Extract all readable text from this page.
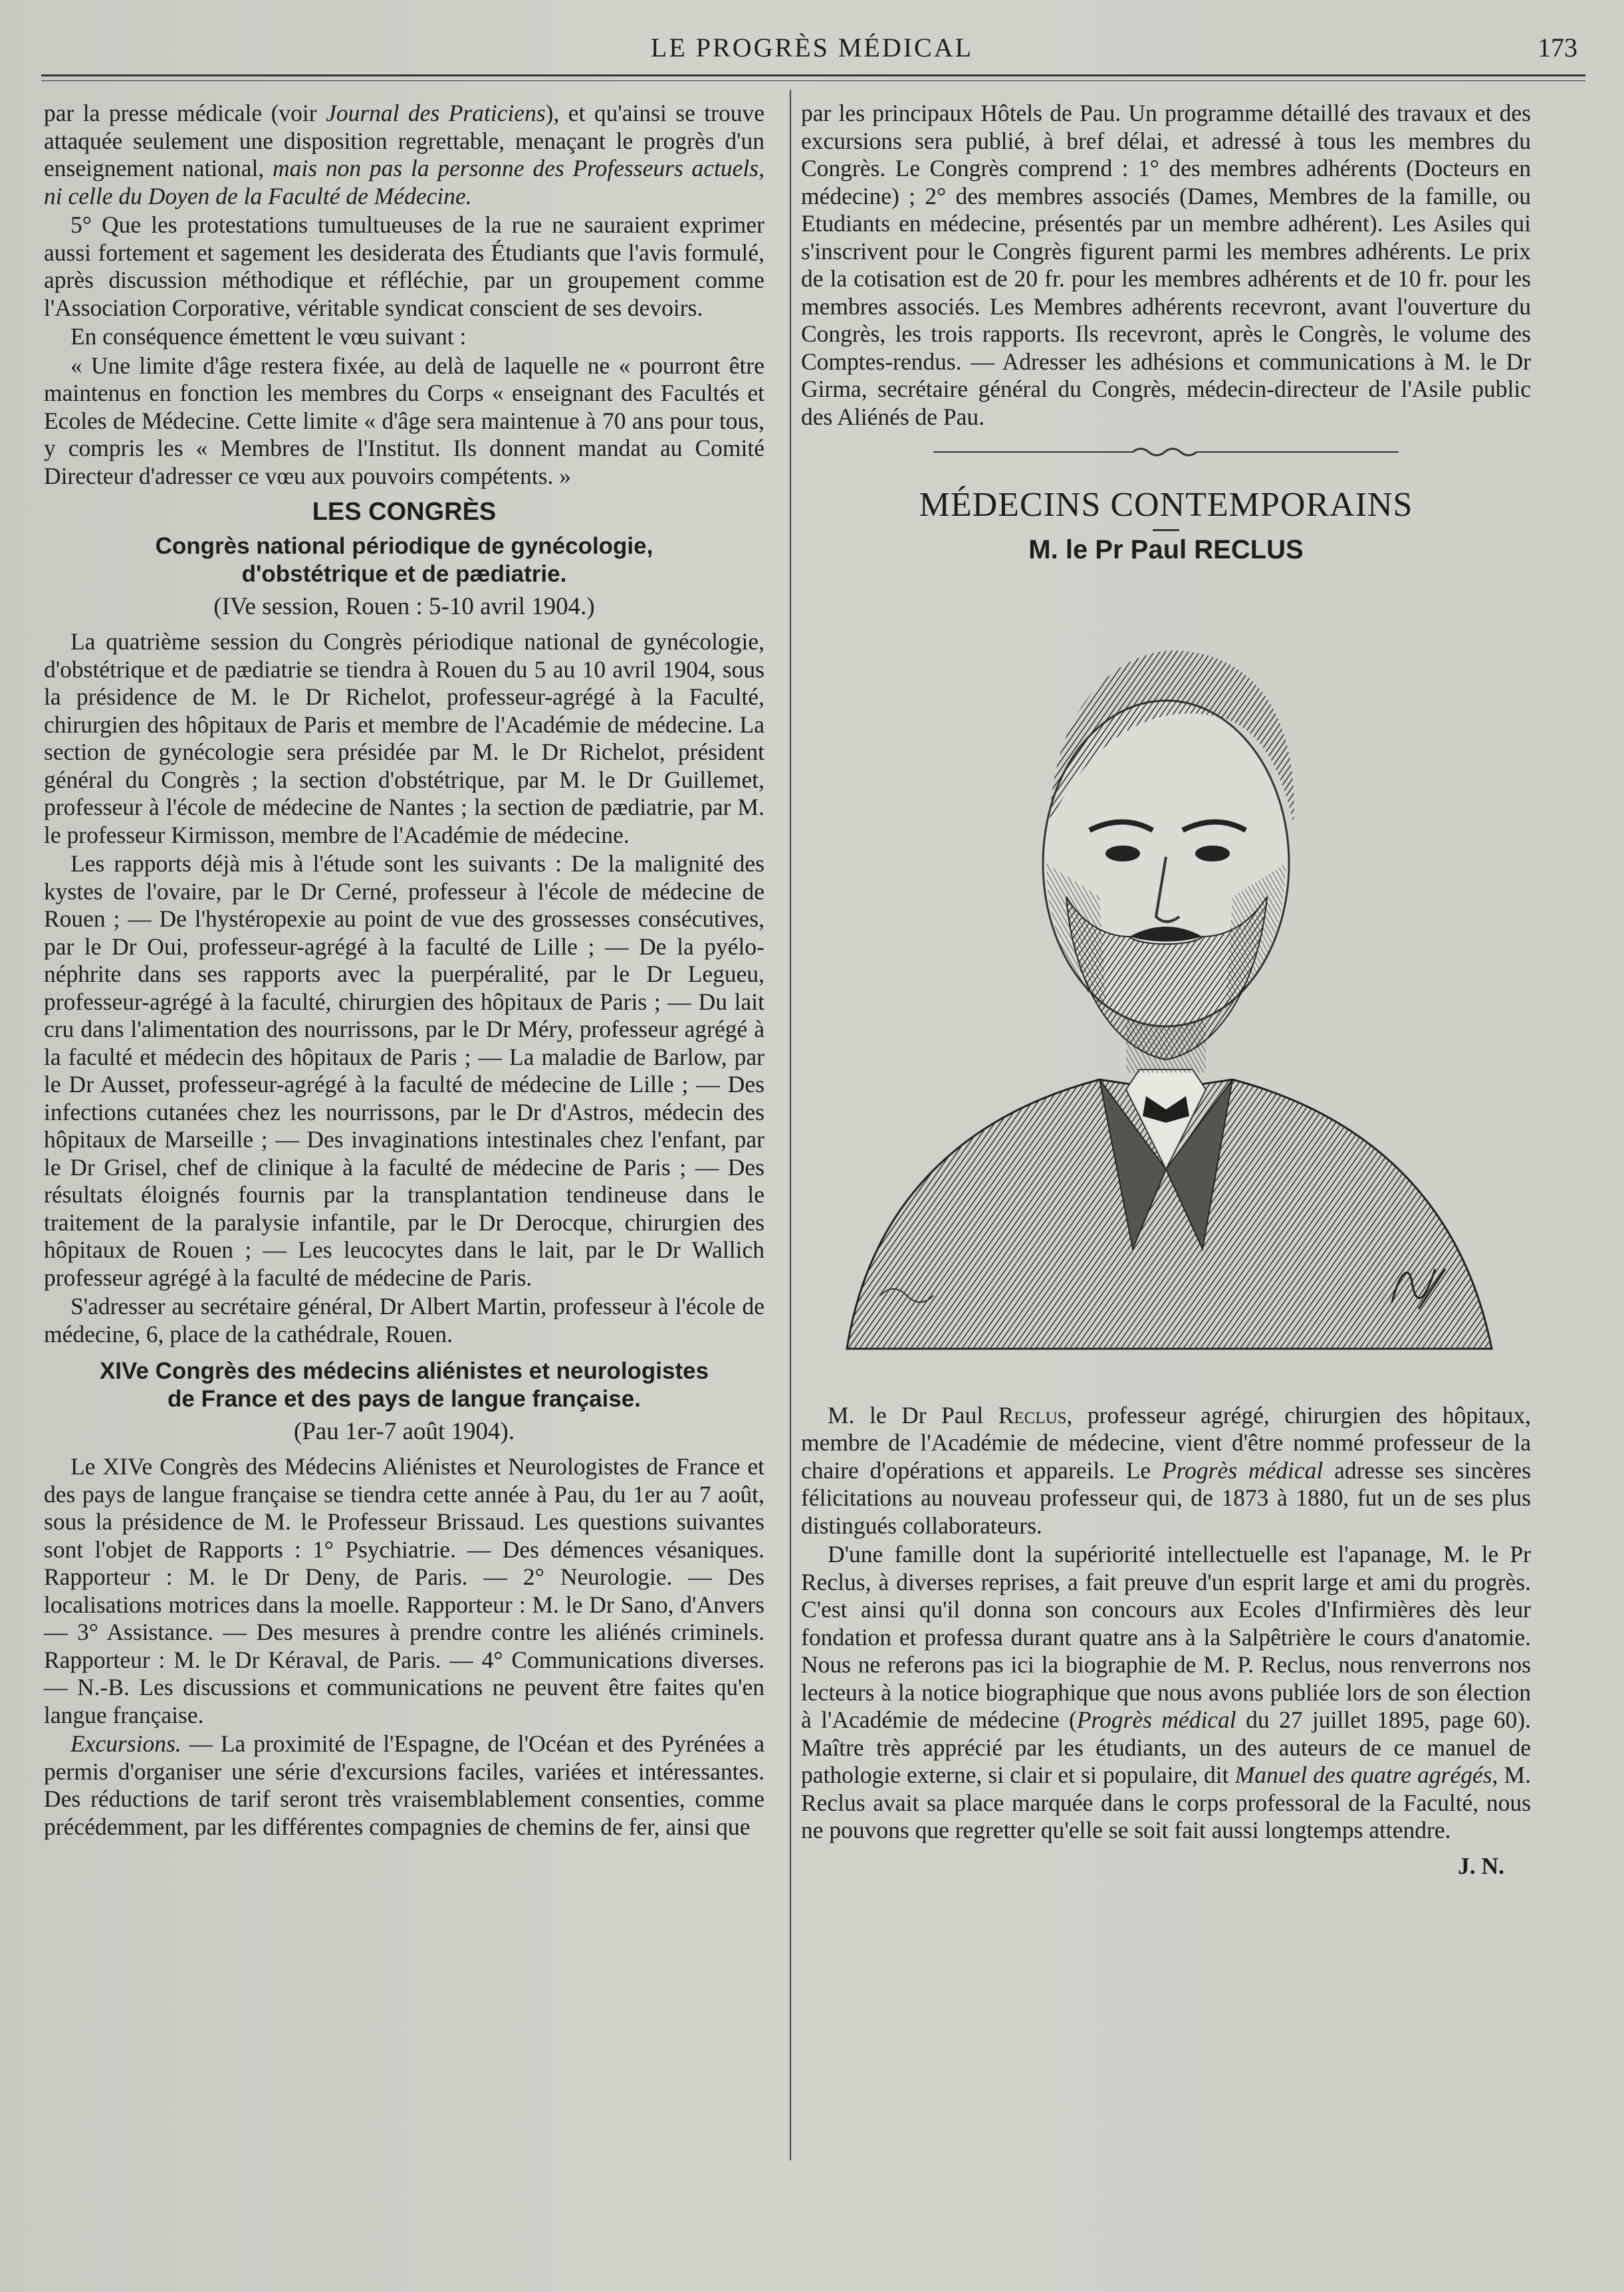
LE PROGRÈS MÉDICAL	173

par la presse médicale (voir Journal des Praticiens), et qu'ainsi se trouve attaquée seulement une disposition regrettable, menaçant le progrès d'un enseignement national, mais non pas la personne des Professeurs actuels, ni celle du Doyen de la Faculté de Médecine.

5° Que les protestations tumultueuses de la rue ne sauraient exprimer aussi fortement et sagement les desiderata des Étudiants que l'avis formulé, après discussion méthodique et réfléchie, par un groupement comme l'Association Corporative, véritable syndicat conscient de ses devoirs.

En conséquence émettent le vœu suivant :

« Une limite d'âge restera fixée, au delà de laquelle ne « pourront être maintenus en fonction les membres du Corps « enseignant des Facultés et Ecoles de Médecine. Cette limite « d'âge sera maintenue à 70 ans pour tous, y compris les « Membres de l'Institut. Ils donnent mandat au Comité Directeur d'adresser ce vœu aux pouvoirs compétents. »

LES CONGRÈS
Congrès national périodique de gynécologie,
d'obstétrique et de pædiatrie.
(IVe session, Rouen : 5-10 avril 1904.)

La quatrième session du Congrès périodique national de gynécologie, d'obstétrique et de pædiatrie se tiendra à Rouen du 5 au 10 avril 1904, sous la présidence de M. le Dr Richelot, professeur-agrégé à la Faculté, chirurgien des hôpitaux de Paris et membre de l'Académie de médecine. La section de gynécologie sera présidée par M. le Dr Richelot, président général du Congrès ; la section d'obstétrique, par M. le Dr Guillemet, professeur à l'école de médecine de Nantes ; la section de pædiatrie, par M. le professeur Kirmisson, membre de l'Académie de médecine.

Les rapports déjà mis à l'étude sont les suivants : De la malignité des kystes de l'ovaire, par le Dr Cerné, professeur à l'école de médecine de Rouen ; — De l'hystéropexie au point de vue des grossesses consécutives, par le Dr Oui, professeur-agrégé à la faculté de Lille ; — De la pyélo-néphrite dans ses rapports avec la puerpéralité, par le Dr Legueu, professeur-agrégé à la faculté, chirurgien des hôpitaux de Paris ; — Du lait cru dans l'alimentation des nourrissons, par le Dr Méry, professeur agrégé à la faculté et médecin des hôpitaux de Paris ; — La maladie de Barlow, par le Dr Ausset, professeur-agrégé à la faculté de médecine de Lille ; — Des infections cutanées chez les nourrissons, par le Dr d'Astros, médecin des hôpitaux de Marseille ; — Des invaginations intestinales chez l'enfant, par le Dr Grisel, chef de clinique à la faculté de médecine de Paris ; — Des résultats éloignés fournis par la transplantation tendineuse dans le traitement de la paralysie infantile, par le Dr Derocque, chirurgien des hôpitaux de Rouen ; — Les leucocytes dans le lait, par le Dr Wallich professeur agrégé à la faculté de médecine de Paris.

S'adresser au secrétaire général, Dr Albert Martin, professeur à l'école de médecine, 6, place de la cathédrale, Rouen.

XIVe Congrès des médecins aliénistes et neurologistes
de France et des pays de langue française.
(Pau 1er-7 août 1904).

Le XIVe Congrès des Médecins Aliénistes et Neurologistes de France et des pays de langue française se tiendra cette année à Pau, du 1er au 7 août, sous la présidence de M. le Professeur Brissaud. Les questions suivantes sont l'objet de Rapports : 1° Psychiatrie. — Des démences vésaniques. Rapporteur : M. le Dr Deny, de Paris. — 2° Neurologie. — Des localisations motrices dans la moelle. Rapporteur : M. le Dr Sano, d'Anvers — 3° Assistance. — Des mesures à prendre contre les aliénés criminels. Rapporteur : M. le Dr Kéraval, de Paris. — 4° Communications diverses. — N.-B. Les discussions et communications ne peuvent être faites qu'en langue française.

Excursions. — La proximité de l'Espagne, de l'Océan et des Pyrénées a permis d'organiser une série d'excursions faciles, variées et intéressantes. Des réductions de tarif seront très vraisemblablement consenties, comme précédemment, par les différentes compagnies de chemins de fer, ainsi que

par les principaux Hôtels de Pau. Un programme détaillé des travaux et des excursions sera publié, à bref délai, et adressé à tous les membres du Congrès. Le Congrès comprend : 1° des membres adhérents (Docteurs en médecine) ; 2° des membres associés (Dames, Membres de la famille, ou Etudiants en médecine, présentés par un membre adhérent). Les Asiles qui s'inscrivent pour le Congrès figurent parmi les membres adhérents. Le prix de la cotisation est de 20 fr. pour les membres adhérents et de 10 fr. pour les membres associés. Les Membres adhérents recevront, avant l'ouverture du Congrès, les trois rapports. Ils recevront, après le Congrès, le volume des Comptes-rendus. — Adresser les adhésions et communications à M. le Dr Girma, secrétaire général du Congrès, médecin-directeur de l'Asile public des Aliénés de Pau.

MÉDECINS CONTEMPORAINS
M. le Pr Paul RECLUS

M. le Dr Paul Reclus, professeur agrégé, chirurgien des hôpitaux, membre de l'Académie de médecine, vient d'être nommé professeur de la chaire d'opérations et appareils. Le Progrès médical adresse ses sincères félicitations au nouveau professeur qui, de 1873 à 1880, fut un de ses plus distingués collaborateurs.

D'une famille dont la supériorité intellectuelle est l'apanage, M. le Pr Reclus, à diverses reprises, a fait preuve d'un esprit large et ami du progrès. C'est ainsi qu'il donna son concours aux Ecoles d'Infirmières dès leur fondation et professa durant quatre ans à la Salpêtrière le cours d'anatomie. Nous ne referons pas ici la biographie de M. P. Reclus, nous renverrons nos lecteurs à la notice biographique que nous avons publiée lors de son élection à l'Académie de médecine (Progrès médical du 27 juillet 1895, page 60). Maître très apprécié par les étudiants, un des auteurs de ce manuel de pathologie externe, si clair et si populaire, dit Manuel des quatre agrégés, M. Reclus avait sa place marquée dans le corps professoral de la Faculté, nous ne pouvons que regretter qu'elle se soit fait aussi longtemps attendre.

J. N.
